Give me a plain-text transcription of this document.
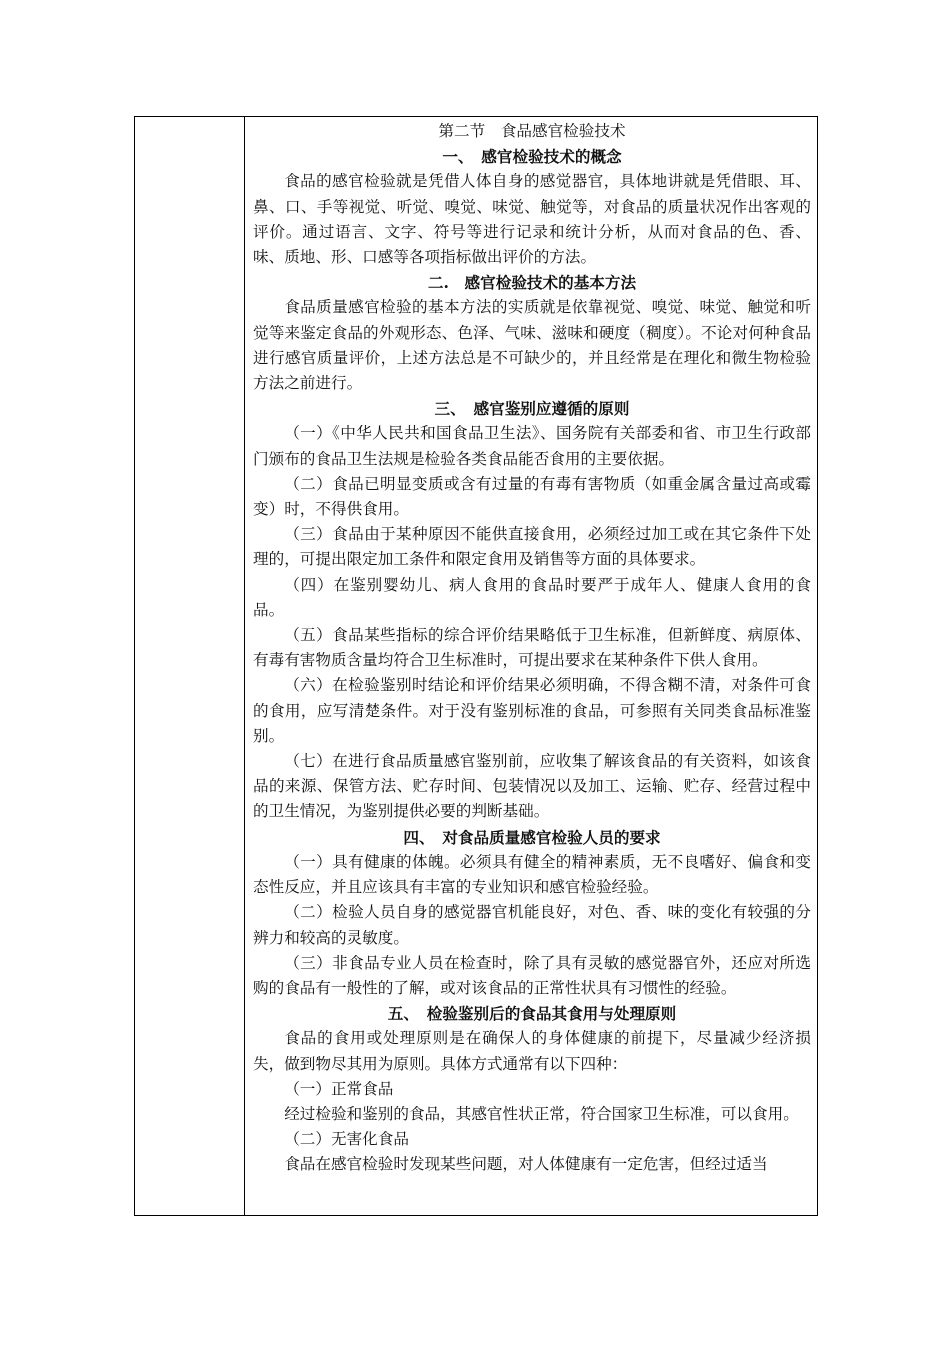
第二节　食品感官检验技术
一、　感官检验技术的概念
食品的感官检验就是凭借人体自身的感觉器官，具体地讲就是凭借眼、耳、鼻、口、手等视觉、听觉、嗅觉、味觉、触觉等，对食品的质量状况作出客观的评价。通过语言、文字、符号等进行记录和统计分析，从而对食品的色、香、味、质地、形、口感等各项指标做出评价的方法。
二.　感官检验技术的基本方法
食品质量感官检验的基本方法的实质就是依靠视觉、嗅觉、味觉、触觉和听觉等来鉴定食品的外观形态、色泽、气味、滋味和硬度（稠度）。不论对何种食品进行感官质量评价，上述方法总是不可缺少的，并且经常是在理化和微生物检验方法之前进行。
三、　感官鉴别应遵循的原则
（一）《中华人民共和国食品卫生法》、国务院有关部委和省、市卫生行政部门颁布的食品卫生法规是检验各类食品能否食用的主要依据。
（二）食品已明显变质或含有过量的有毒有害物质（如重金属含量过高或霉变）时，不得供食用。
（三）食品由于某种原因不能供直接食用，必须经过加工或在其它条件下处理的，可提出限定加工条件和限定食用及销售等方面的具体要求。
（四）在鉴别婴幼儿、病人食用的食品时要严于成年人、健康人食用的食品。
（五）食品某些指标的综合评价结果略低于卫生标准，但新鲜度、病原体、有毒有害物质含量均符合卫生标准时，可提出要求在某种条件下供人食用。
（六）在检验鉴别时结论和评价结果必须明确，不得含糊不清，对条件可食的食用，应写清楚条件。对于没有鉴别标准的食品，可参照有关同类食品标准鉴别。
（七）在进行食品质量感官鉴别前，应收集了解该食品的有关资料，如该食品的来源、保管方法、贮存时间、包装情况以及加工、运输、贮存、经营过程中的卫生情况，为鉴别提供必要的判断基础。
四、　对食品质量感官检验人员的要求
（一）具有健康的体魄。必须具有健全的精神素质，无不良嗜好、偏食和变态性反应，并且应该具有丰富的专业知识和感官检验经验。
（二）检验人员自身的感觉器官机能良好，对色、香、味的变化有较强的分辨力和较高的灵敏度。
（三）非食品专业人员在检查时，除了具有灵敏的感觉器官外，还应对所选购的食品有一般性的了解，或对该食品的正常性状具有习惯性的经验。
五、　检验鉴别后的食品其食用与处理原则
食品的食用或处理原则是在确保人的身体健康的前提下，尽量减少经济损失，做到物尽其用为原则。具体方式通常有以下四种：
（一）正常食品
经过检验和鉴别的食品，其感官性状正常，符合国家卫生标准，可以食用。
（二）无害化食品
食品在感官检验时发现某些问题，对人体健康有一定危害，但经过适当
